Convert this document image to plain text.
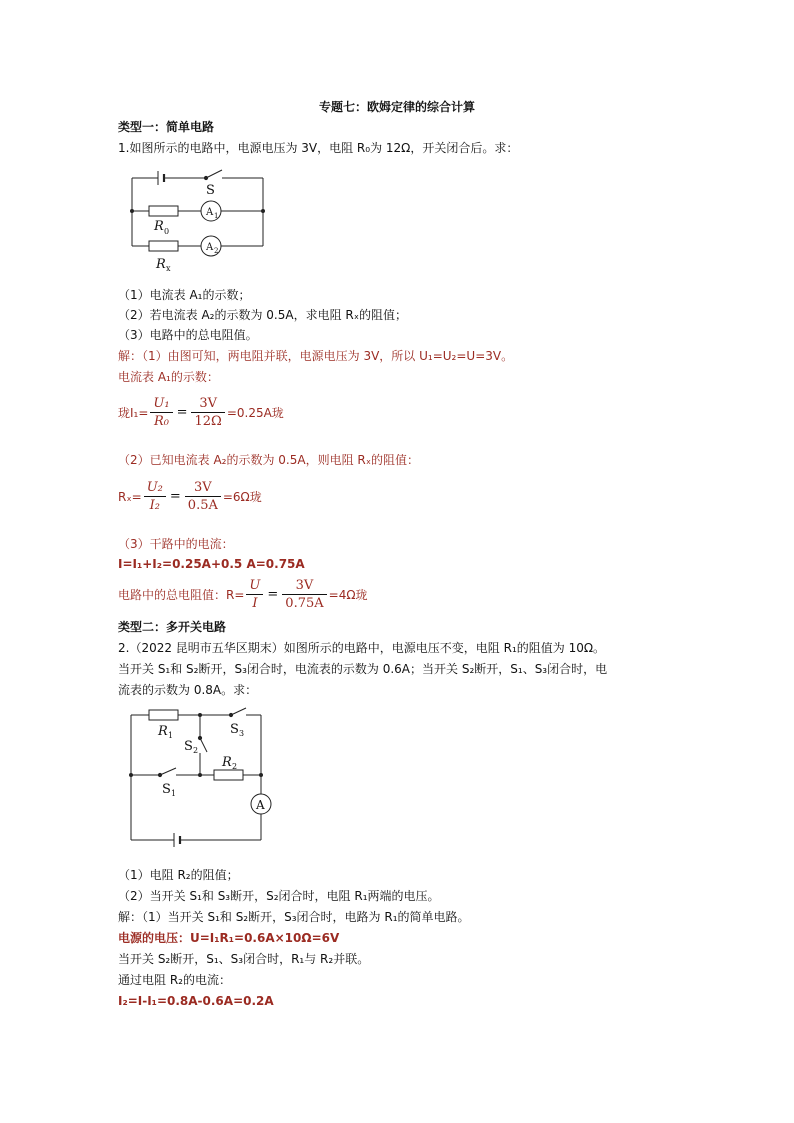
专题七：欧姆定律的综合计算
类型一：简单电路
1.如图所示的电路中，电源电压为 3V，电阻 R₀为 12Ω，开关闭合后。求：
S
R 0
R x
A 1
A 2
（1）电流表 A₁的示数；
（2）若电流表 A₂的示数为 0.5A，求电阻 Rₓ的阻值；
（3）电路中的总电阻值。
解：（1）由图可知，两电阻并联，电源电压为 3V，所以 U₁=U₂=U=3V。
电流表 A₁的示数：
珑$I_1= \frac{\text{U₁}}{\text{R₀}} = \frac{3V}{12\Omega} =0.25A$珑
（2）已知电流表 A₂的示数为 0.5A，则电阻 Rₓ的阻值：
$R_x= \frac{\text{U₂}}{\text{I₂}} = \frac{3V}{0.5A} =6\Omega$珑
（3）干路中的电流：
I=I₁+I₂=0.25A+0.5 A=0.75A
电路中的总电阻值： $R= \frac{U}{I} = \frac{3V}{0.75A} =4\Omega$珑
类型二：多开关电路
2.（2022 昆明市五华区期末）如图所示的电路中，电源电压不变，电阻 R₁的阻值为 10Ω。
当开关 S₁和 S₂断开，S₃闭合时，电流表的示数为 0.6A；当开关 S₂断开，S₁、S₃闭合时，电
流表的示数为 0.8A。求：
R 1	S 3
S 2
R 2
S 1
A
（1）电阻 R₂的阻值；
（2）当开关 S₁和 S₃断开，S₂闭合时，电阻 R₁两端的电压。
解：（1）当开关 S₁和 S₂断开，S₃闭合时，电路为 R₁的简单电路。
电源的电压：U=I₁R₁=0.6A×10Ω=6V
当开关 S₂断开，S₁、S₃闭合时，R₁与 R₂并联。
通过电阻 R₂的电流：
I₂=I-I₁=0.8A-0.6A=0.2A
